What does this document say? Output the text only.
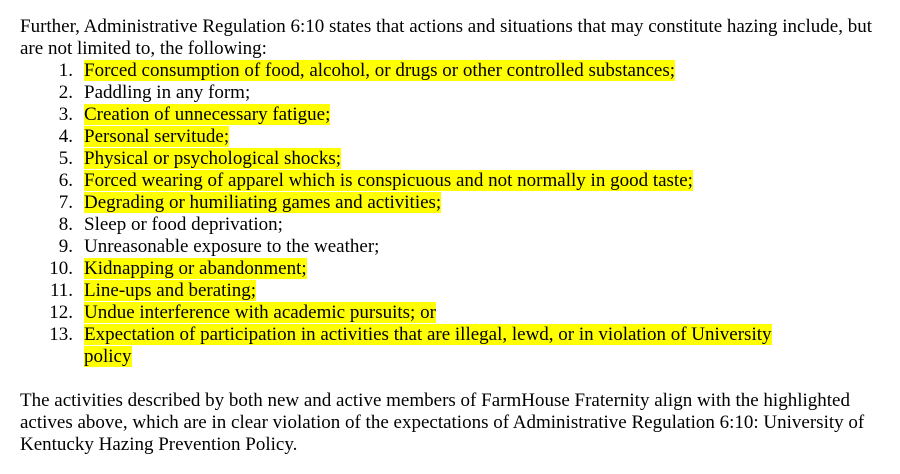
Further, Administrative Regulation 6:10 states that actions and situations that may constitute hazing include, but are not limited to, the following:

1. Forced consumption of food, alcohol, or drugs or other controlled substances;
2. Paddling in any form;
3. Creation of unnecessary fatigue;
4. Personal servitude;
5. Physical or psychological shocks;
6. Forced wearing of apparel which is conspicuous and not normally in good taste;
7. Degrading or humiliating games and activities;
8. Sleep or food deprivation;
9. Unreasonable exposure to the weather;
10. Kidnapping or abandonment;
11. Line-ups and berating;
12. Undue interference with academic pursuits; or
13. Expectation of participation in activities that are illegal, lewd, or in violation of University policy

The activities described by both new and active members of FarmHouse Fraternity align with the highlighted actives above, which are in clear violation of the expectations of Administrative Regulation 6:10: University of Kentucky Hazing Prevention Policy.
